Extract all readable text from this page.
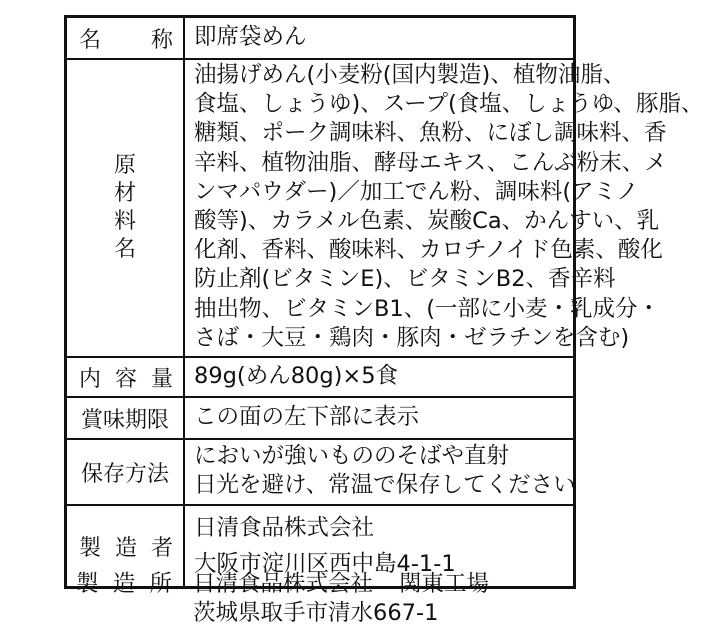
名 称 即席袋めん
原
材
料
名
油揚げめん(小麦粉(国内製造)、植物油脂、
食塩、しょうゆ)、スープ(食塩、しょうゆ、豚脂、
糖類、ポーク調味料、魚粉、にぼし調味料、香
辛料、植物油脂、酵母エキス、こんぶ粉末、メ
ンマパウダー)／加工でん粉、調味料(アミノ
酸等)、カラメル色素、炭酸Ca、かんすい、乳
化剤、香料、酸味料、カロチノイド色素、酸化
防止剤(ビタミンE)、ビタミンB2、香辛料
抽出物、ビタミンB1、(一部に小麦・乳成分・
さば・大豆・鶏肉・豚肉・ゼラチンを含む)
内 容 量 89g(めん80g)×5食
賞味期限	この面の左下部に表示
保存方法
においが強いもののそばや直射
日光を避け、常温で保存してください
製 造 者
日清食品株式会社
大阪市淀川区西中島4-1-1
製 造 所 日清食品株式会社 関東工場
茨城県取手市清水667-1
